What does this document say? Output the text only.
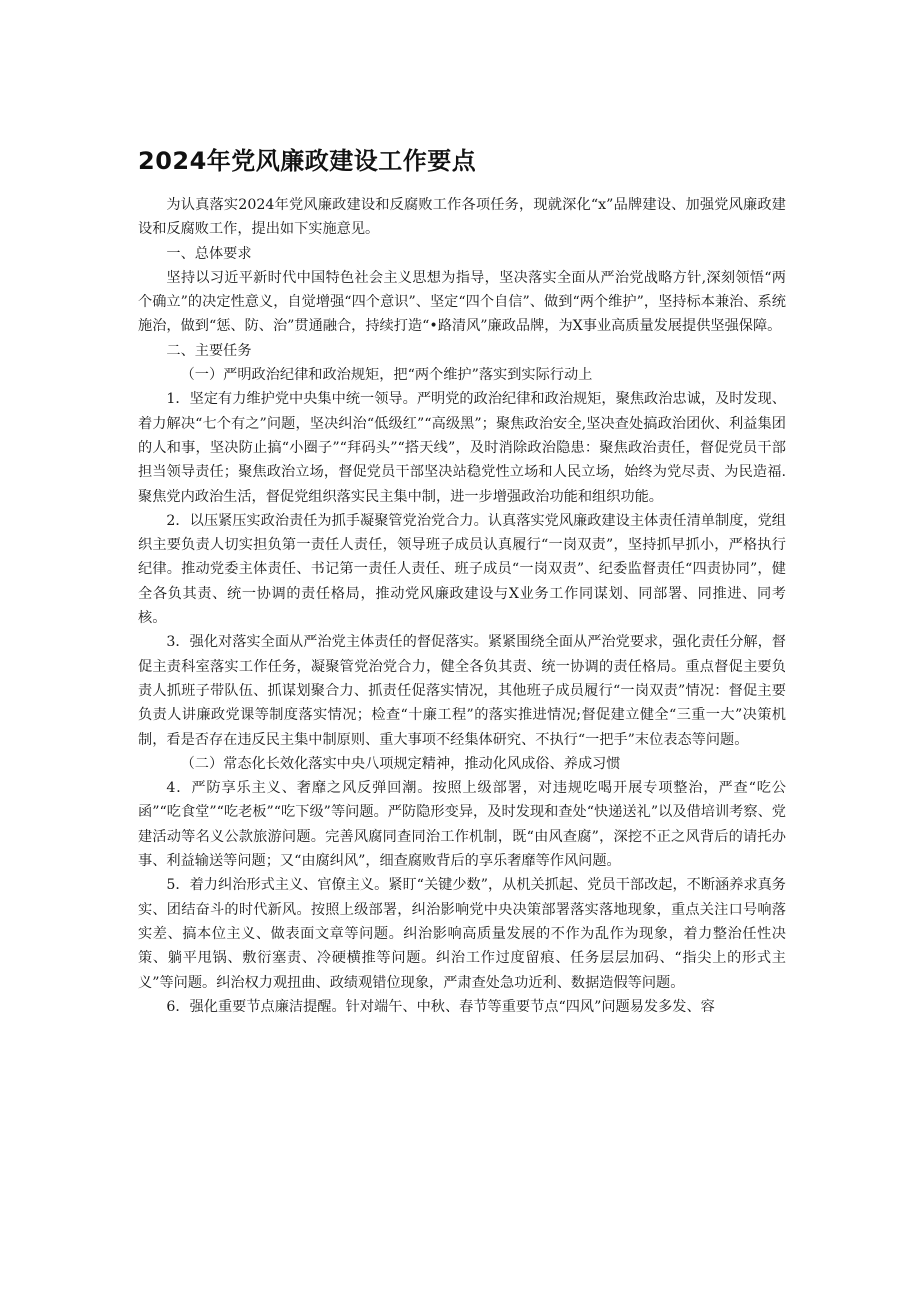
2024年党风廉政建设工作要点

为认真落实2024年党风廉政建设和反腐败工作各项任务，现就深化“x”品牌建设、加强党风廉政建设和反腐败工作，提出如下实施意见。

一、总体要求

坚持以习近平新时代中国特色社会主义思想为指导，坚决落实全面从严治党战略方针,深刻领悟“两个确立”的决定性意义，自觉增强“四个意识”、坚定“四个自信”、做到“两个维护”，坚持标本兼治、系统施治，做到“惩、防、治”贯通融合，持续打造“•路清风”廉政品牌，为X事业高质量发展提供坚强保障。

二、主要任务

（一）严明政治纪律和政治规矩，把“两个维护”落实到实际行动上

1．坚定有力维护党中央集中统一领导。严明党的政治纪律和政治规矩，聚焦政治忠诚，及时发现、着力解决“七个有之”问题，坚决纠治“低级红”“高级黑”；聚焦政治安全,坚决查处搞政治团伙、利益集团的人和事，坚决防止搞“小圈子”“拜码头”“搭天线”，及时消除政治隐患：聚焦政治责任，督促党员干部担当领导责任；聚焦政治立场，督促党员干部坚决站稳党性立场和人民立场，始终为党尽责、为民造福.聚焦党内政治生活，督促党组织落实民主集中制，进一步增强政治功能和组织功能。

2．以压紧压实政治责任为抓手凝聚管党治党合力。认真落实党风廉政建设主体责任清单制度，党组织主要负责人切实担负第一责任人责任，领导班子成员认真履行“一岗双责”，坚持抓早抓小，严格执行纪律。推动党委主体责任、书记第一责任人责任、班子成员“一岗双责”、纪委监督责任“四责协同”，健全各负其责、统一协调的责任格局，推动党风廉政建设与X业务工作同谋划、同部署、同推进、同考核。

3．强化对落实全面从严治党主体责任的督促落实。紧紧围绕全面从严治党要求，强化责任分解，督促主责科室落实工作任务，凝聚管党治党合力，健全各负其责、统一协调的责任格局。重点督促主要负责人抓班子带队伍、抓谋划聚合力、抓责任促落实情况，其他班子成员履行“一岗双责”情况：督促主要负责人讲廉政党课等制度落实情况；检查“十廉工程”的落实推进情况;督促建立健全“三重一大”决策机制，看是否存在违反民主集中制原则、重大事项不经集体研究、不执行“一把手”末位表态等问题。

（二）常态化长效化落实中央八项规定精神，推动化风成俗、养成习惯

4．严防享乐主义、奢靡之风反弹回潮。按照上级部署，对违规吃喝开展专项整治，严查“吃公函”“吃食堂”“吃老板”“吃下级”等问题。严防隐形变异，及时发现和查处“快递送礼”以及借培训考察、党建活动等名义公款旅游问题。完善风腐同查同治工作机制，既“由风查腐”，深挖不正之风背后的请托办事、利益输送等问题；又“由腐纠风”，细查腐败背后的享乐奢靡等作风问题。

5．着力纠治形式主义、官僚主义。紧盯“关键少数”，从机关抓起、党员干部改起，不断涵养求真务实、团结奋斗的时代新风。按照上级部署，纠治影响党中央决策部署落实落地现象，重点关注口号响落实差、搞本位主义、做表面文章等问题。纠治影响高质量发展的不作为乱作为现象，着力整治任性决策、躺平甩锅、敷衍塞责、冷硬横推等问题。纠治工作过度留痕、任务层层加码、“指尖上的形式主义”等问题。纠治权力观扭曲、政绩观错位现象，严肃查处急功近利、数据造假等问题。

6．强化重要节点廉洁提醒。针对端午、中秋、春节等重要节点“四风”问题易发多发、容
